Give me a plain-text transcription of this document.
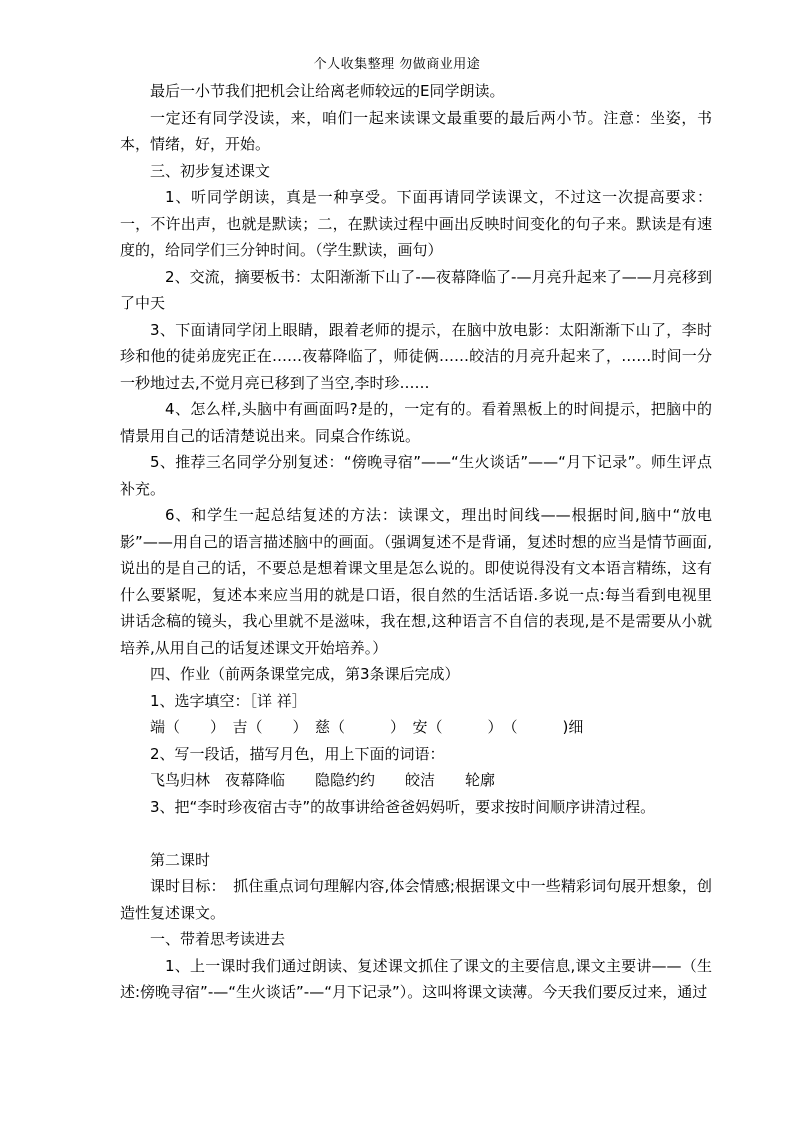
个人收集整理 勿做商业用途

最后一小节我们把机会让给离老师较远的E同学朗读。

一定还有同学没读，来，咱们一起来读课文最重要的最后两小节。注意：坐姿，书本，情绪，好，开始。

三、初步复述课文

1、听同学朗读，真是一种享受。下面再请同学读课文，不过这一次提高要求：一，不许出声，也就是默读；二，在默读过程中画出反映时间变化的句子来。默读是有速度的，给同学们三分钟时间。（学生默读，画句）

2、交流，摘要板书：太阳渐渐下山了-—夜幕降临了-—月亮升起来了——月亮移到了中天

3、下面请同学闭上眼睛，跟着老师的提示，在脑中放电影：太阳渐渐下山了，李时珍和他的徒弟庞宪正在……夜幕降临了，师徒俩……皎洁的月亮升起来了，……时间一分一秒地过去,不觉月亮已移到了当空,李时珍……

4、怎么样,头脑中有画面吗?是的，一定有的。看着黑板上的时间提示，把脑中的情景用自己的话清楚说出来。同桌合作练说。

5、推荐三名同学分别复述：“傍晚寻宿”——“生火谈话”——“月下记录”。师生评点补充。

6、和学生一起总结复述的方法：读课文，理出时间线——根据时间,脑中“放电影”——用自己的语言描述脑中的画面。（强调复述不是背诵，复述时想的应当是情节画面,说出的是自己的话，不要总是想着课文里是怎么说的。即使说得没有文本语言精练，这有什么要紧呢，复述本来应当用的就是口语，很自然的生活话语.多说一点:每当看到电视里讲话念稿的镜头，我心里就不是滋味，我在想,这种语言不自信的表现,是不是需要从小就培养,从用自己的话复述课文开始培养。）

四、作业（前两条课堂完成，第3条课后完成）

1、选字填空：［详 祥］

端（　　）　吉（　　）　慈（　　　）　安（　　　）　（　　　)细

2、写一段话，描写月色，用上下面的词语：

飞鸟归林　夜幕降临　　隐隐约约　　皎洁　　轮廓

3、把“李时珍夜宿古寺”的故事讲给爸爸妈妈听，要求按时间顺序讲清过程。

第二课时

课时目标：　抓住重点词句理解内容,体会情感;根据课文中一些精彩词句展开想象，创造性复述课文。

一、带着思考读进去

1、上一课时我们通过朗读、复述课文抓住了课文的主要信息,课文主要讲——（生述:傍晚寻宿”-—“生火谈话”-—“月下记录”）。这叫将课文读薄。今天我们要反过来，通过
